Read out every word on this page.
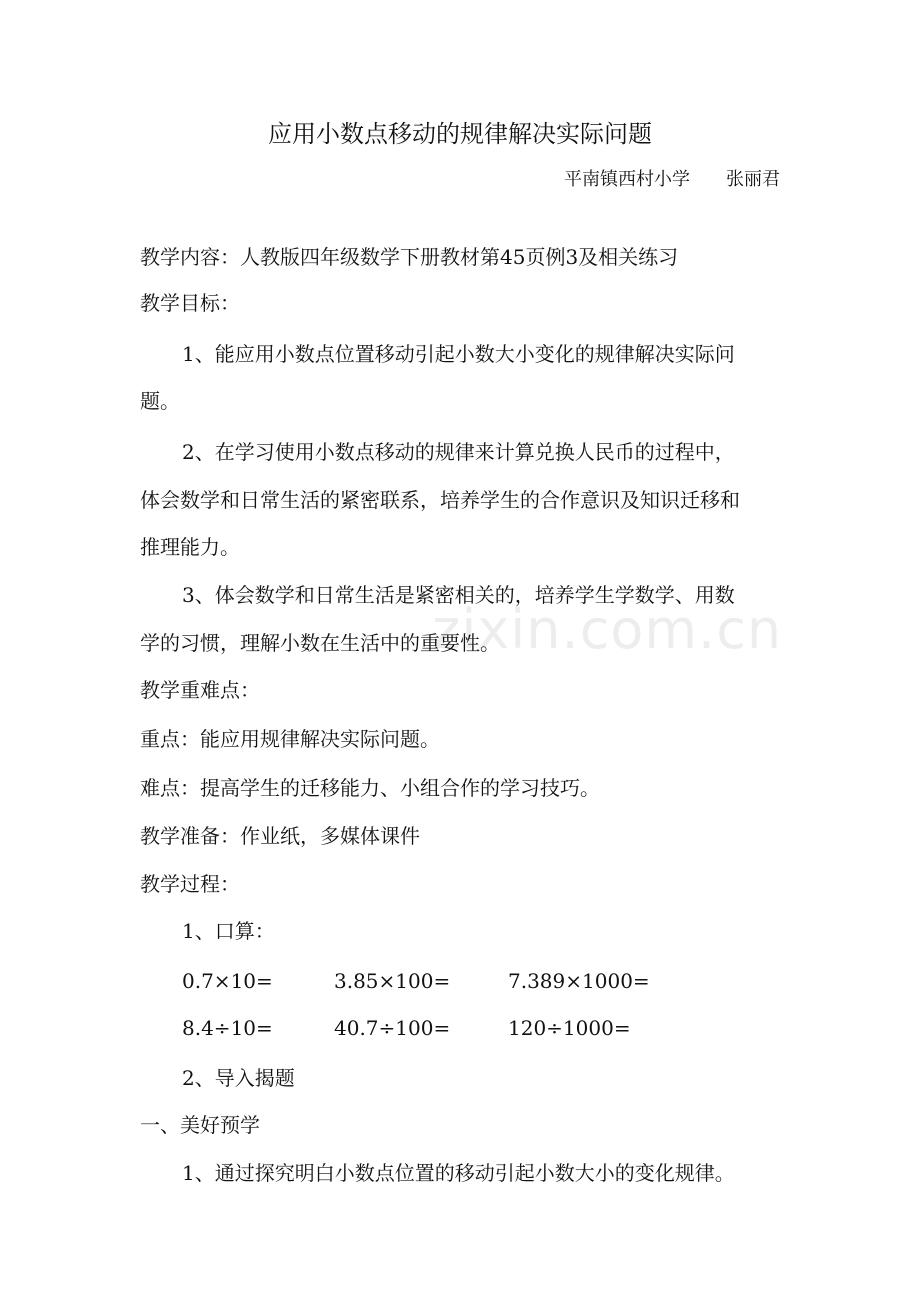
应用小数点移动的规律解决实际问题
平南镇西村小学 张丽君
教学内容：人教版四年级数学下册教材第45页例3及相关练习
教学目标：
1、能应用小数点位置移动引起小数大小变化的规律解决实际问
题。
2、在学习使用小数点移动的规律来计算兑换人民币的过程中，
体会数学和日常生活的紧密联系，培养学生的合作意识及知识迁移和
推理能力。
3、体会数学和日常生活是紧密相关的，培养学生学数学、用数
学的习惯，理解小数在生活中的重要性。
教学重难点：
重点：能应用规律解决实际问题。
难点：提高学生的迁移能力、小组合作的学习技巧。
教学准备：作业纸，多媒体课件
教学过程：
1、口算：
0.7×10=	3.85×100=	7.389×1000=
8.4÷10=	40.7÷100=	120÷1000=
2、导入揭题
一、美好预学
1、通过探究明白小数点位置的移动引起小数大小的变化规律。
zixin.com.cn
